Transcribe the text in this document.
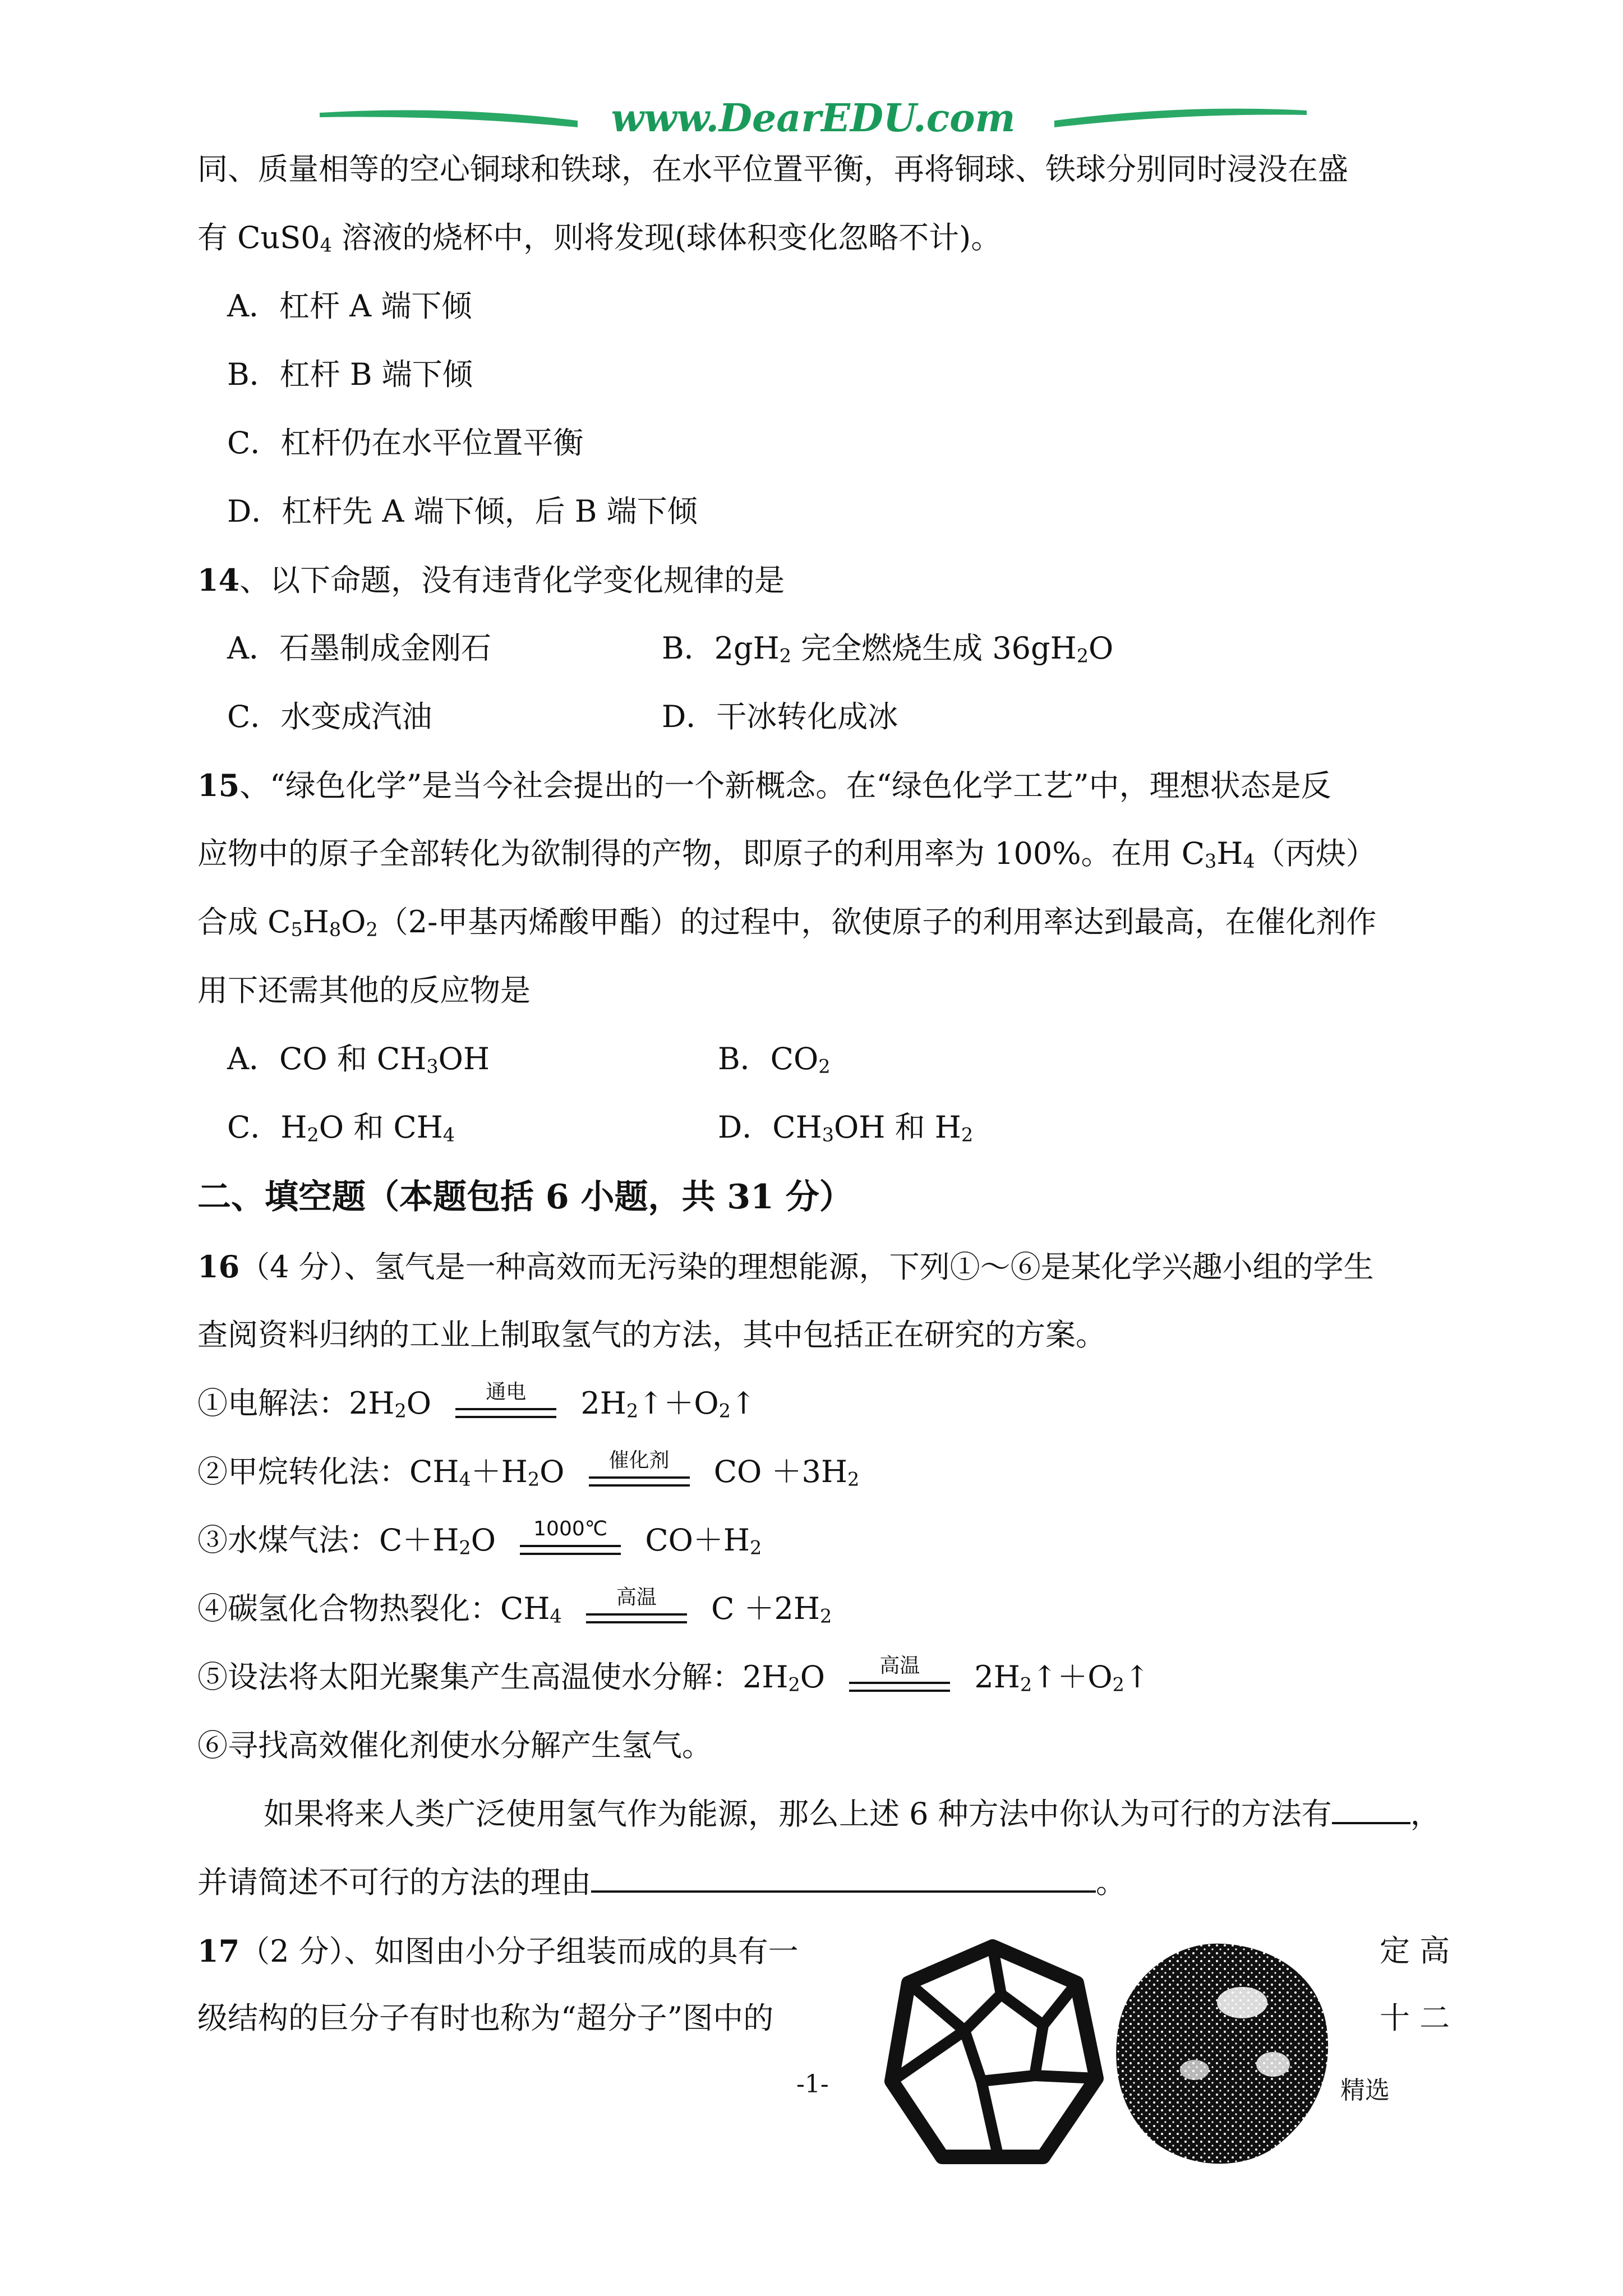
www.DearEDU.com
同、质量相等的空心铜球和铁球，在水平位置平衡，再将铜球、铁球分别同时浸没在盛
有 $CuS0_4$ 溶液的烧杯中，则将发现(球体积变化忽略不计)。
A．杠杆 A 端下倾
B．杠杆 B 端下倾
C．杠杆仍在水平位置平衡
D．杠杆先 A 端下倾，后 B 端下倾
14、以下命题，没有违背化学变化规律的是
A．石墨制成金刚石	B．$2gH_2$ 完全燃烧生成 $36gH_2O$
C．水变成汽油	D．干冰转化成冰
15、“绿色化学”是当今社会提出的一个新概念。在“绿色化学工艺”中，理想状态是反
应物中的原子全部转化为欲制得的产物，即原子的利用率为 100%。在用 $C_3H_4$（丙炔）
合成 $C_5H_8O_2(2-$甲基丙烯酸甲酯）的过程中，欲使原子的利用率达到最高，在催化剂作
用下还需其他的反应物是
A．CO 和 $CH_3OH$	B．$CO_2$
C．$H_2O$ 和 $CH_4$	D．$CH_3OH$ 和 $H_2$
二、填空题（本题包括 6 小题，共 31 分）
16（4 分）、氢气是一种高效而无污染的理想能源，下列①～⑥是某化学兴趣小组的学生
查阅资料归纳的工业上制取氢气的方法，其中包括正在研究的方案。
①电解法：$2H_2O$	通电	$2H_2↑+O_2↑$
②甲烷转化法：$CH_4+H_2O$	催化剂	CO $+3H_2$
③水煤气法：$C+H_2O$	1000℃	$CO+H_2$
④碳氢化合物热裂化：$CH_4$
高温	$C +2H_2$
⑤设法将太阳光聚集产生高温使水分解：$2H_2O$	高温	$2H_2↑+O_2↑$
⑥寻找高效催化剂使水分解产生氢气。
如果将来人类广泛使用氢气作为能源，那么上述 6 种方法中你认为可行的方法有	，
并请简述不可行的方法的理由	。
17（2 分）、如图由小分子组装而成的具有一	定 高
级结构的巨分子有时也称为“超分子”图中的	十 二
-1-	精选
